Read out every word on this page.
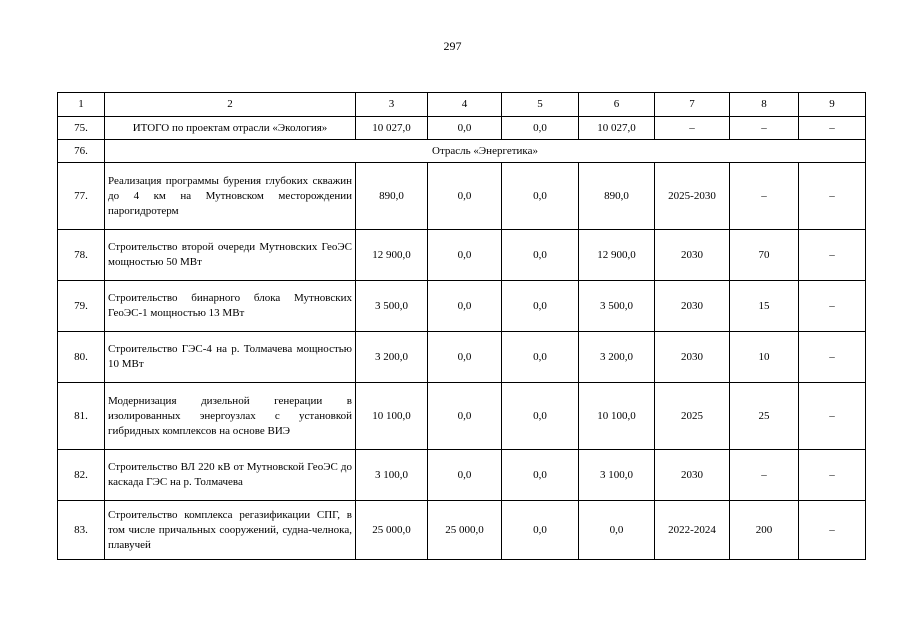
297
1	2	3	4	5	6	7	8	9
75.	ИТОГО по проектам отрасли «Экология»	10 027,0	0,0	0,0	10 027,0	–	–	–
76.	Отрасль «Энергетика»							
77.	Реализация программы бурения глубоких скважин до 4 км на Мутновском месторождении парогидротерм	890,0	0,0	0,0	890,0	2025-2030	–	–
78.	Строительство второй очереди Мутновских ГеоЭС мощностью 50 МВт	12 900,0	0,0	0,0	12 900,0	2030	70	–
79.	Строительство бинарного блока Мутновских ГеоЭС-1 мощностью 13 МВт	3 500,0	0,0	0,0	3 500,0	2030	15	–
80.	Строительство ГЭС-4 на р. Толмачева мощностью 10 МВт	3 200,0	0,0	0,0	3 200,0	2030	10	–
81.	Модернизация дизельной генерации в изолированных энергоузлах с установкой гибридных комплексов на основе ВИЭ	10 100,0	0,0	0,0	10 100,0	2025	25	–
82.	Строительство ВЛ 220 кВ от Мутновской ГеоЭС до каскада ГЭС на р. Толмачева	3 100,0	0,0	0,0	3 100,0	2030	–	–
83.	Строительство комплекса регазификации СПГ, в том числе причальных сооружений, судна-челнока, плавучей	25 000,0	25 000,0	0,0	0,0	2022-2024	200	–
